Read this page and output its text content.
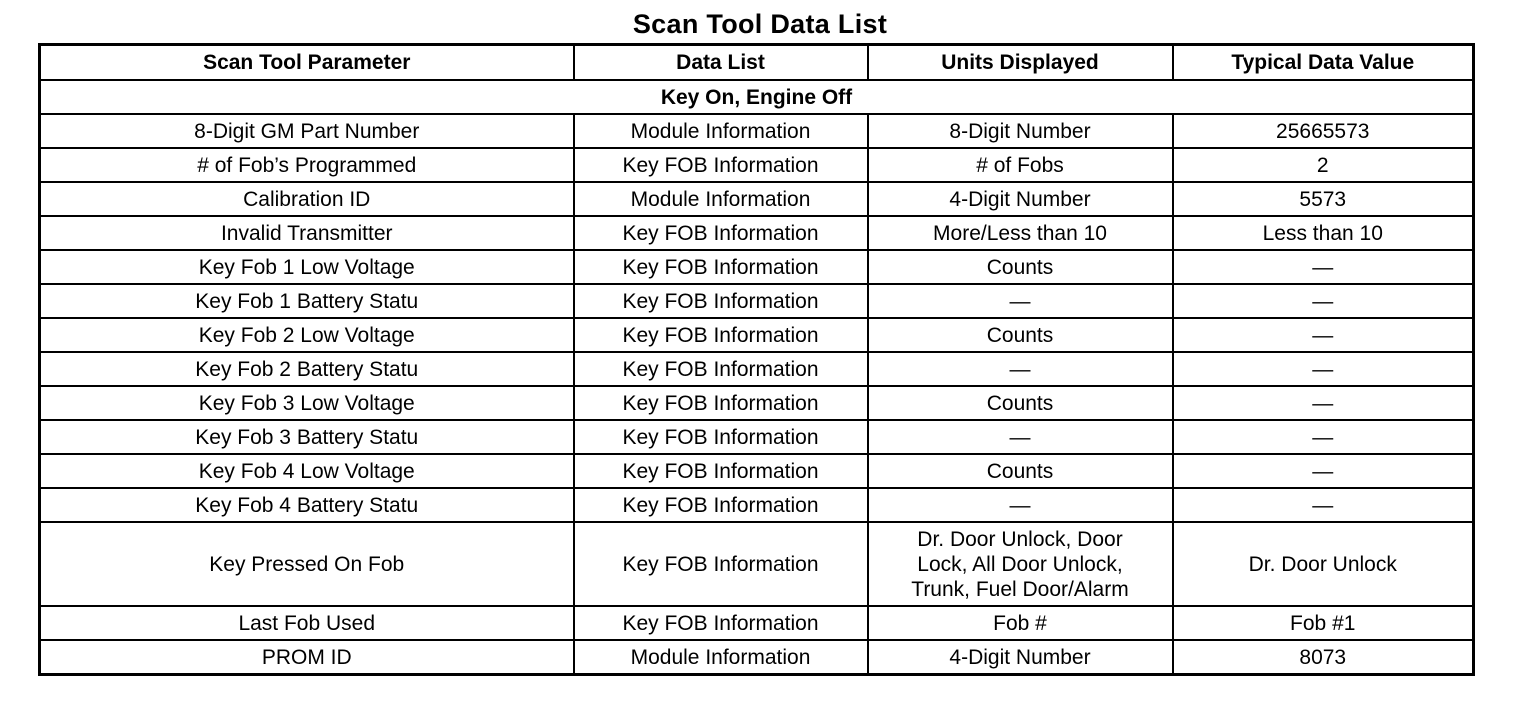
Scan Tool Data List
Scan Tool Parameter	Data List	Units Displayed	Typical Data Value
Key On, Engine Off			
8-Digit GM Part Number	Module Information	8-Digit Number	25665573
# of Fob’s Programmed	Key FOB Information	# of Fobs	2
Calibration ID	Module Information	4-Digit Number	5573
Invalid Transmitter	Key FOB Information	More/Less than 10	Less than 10
Key Fob 1 Low Voltage	Key FOB Information	Counts	—
Key Fob 1 Battery Statu	Key FOB Information	—	—
Key Fob 2 Low Voltage	Key FOB Information	Counts	—
Key Fob 2 Battery Statu	Key FOB Information	—	—
Key Fob 3 Low Voltage	Key FOB Information	Counts	—
Key Fob 3 Battery Statu	Key FOB Information	—	—
Key Fob 4 Low Voltage	Key FOB Information	Counts	—
Key Fob 4 Battery Statu	Key FOB Information	—	—
Key Pressed On Fob	Key FOB Information	Dr. Door Unlock, Door
Lock, All Door Unlock,
Trunk, Fuel Door/Alarm	Dr. Door Unlock
Last Fob Used	Key FOB Information	Fob #	Fob #1
PROM ID	Module Information	4-Digit Number	8073
